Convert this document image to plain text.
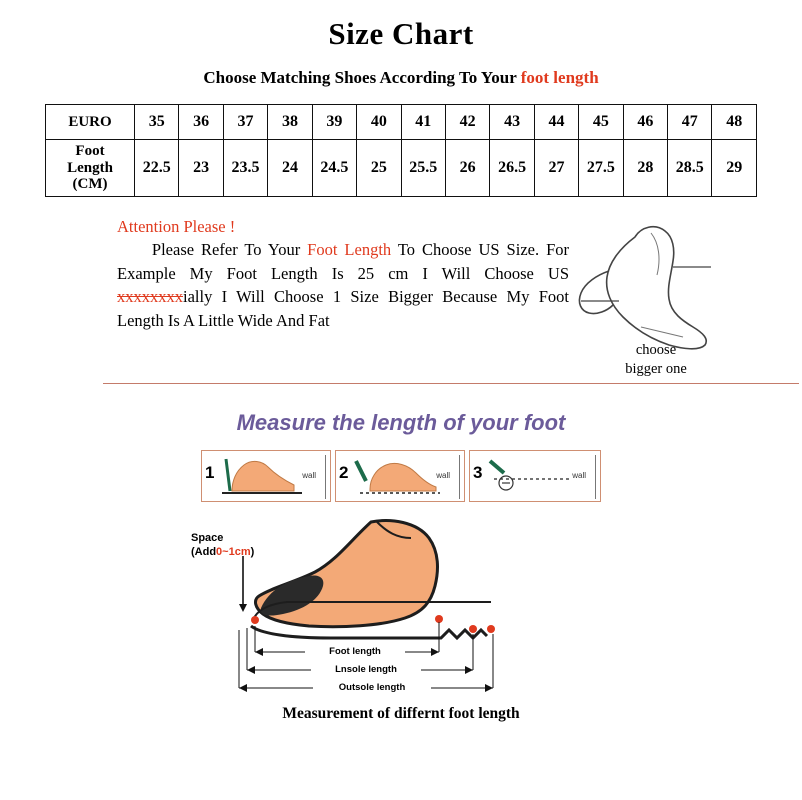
Size Chart
Choose Matching Shoes According To Your foot length
EURO	35	36	37	38	39	40	41	42	43	44	45	46	47	48

Foot
Length
(CM)	22.5	23	23.5	24	24.5	25	25.5	26	26.5	27	27.5	28	28.5	29
Attention Please !
Please Refer To Your Foot Length To Choose US Size. For Example My Foot Length Is 25 cm I Will Choose US xxxxxxxxially I Will Choose 1 Size Bigger Because My Foot Length Is A Little Wide And Fat
choose
bigger one
Measure the length of your foot
1	wall 2	wall 3	wall
Space
(Add0~1cm)
Foot length
Lnsole length
Outsole length
Measurement of differnt foot length
